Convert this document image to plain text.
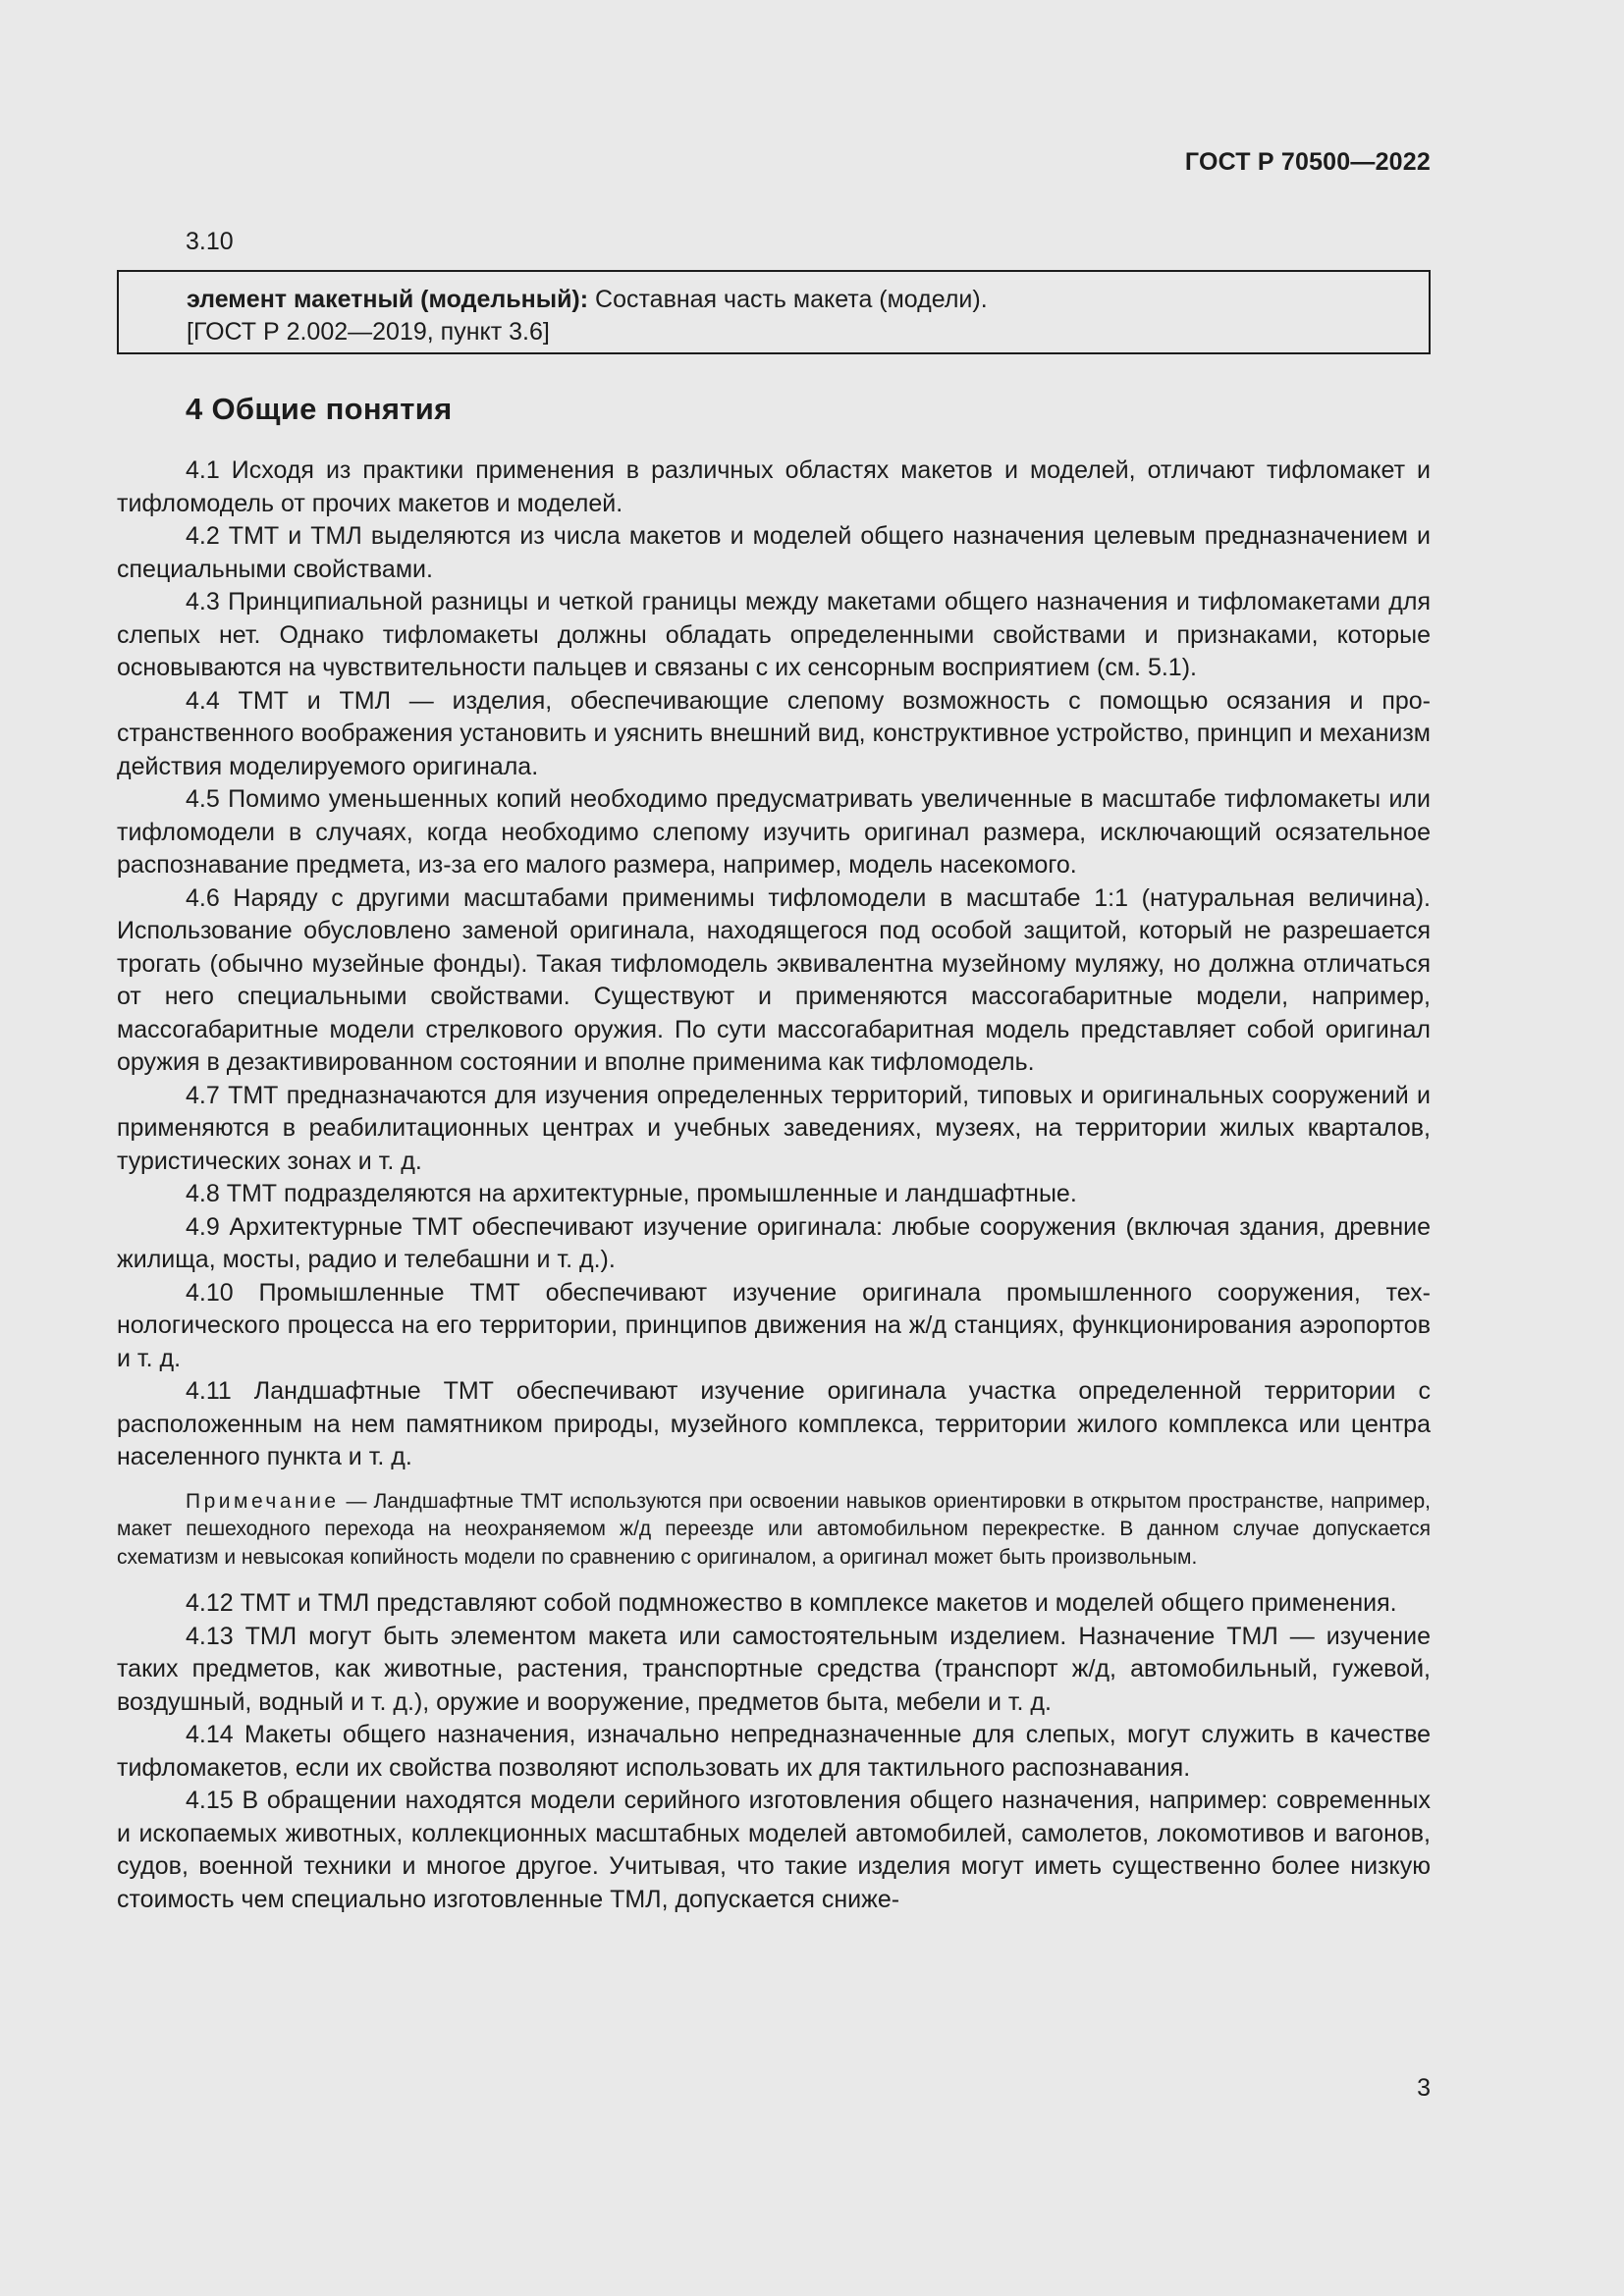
ГОСТ Р 70500—2022
3.10
элемент макетный (модельный): Составная часть макета (модели).
[ГОСТ Р 2.002—2019, пункт 3.6]
4 Общие понятия

4.1 Исходя из практики применения в различных областях макетов и моделей, отличают тифломакет и тифломодель от прочих макетов и моделей.

4.2 ТМТ и ТМЛ выделяются из числа макетов и моделей общего назначения целевым предназначением и специальными свойствами.

4.3 Принципиальной разницы и четкой границы между макетами общего назначения и тифломакетами для слепых нет. Однако тифломакеты должны обладать определенными свойствами и признаками, которые основываются на чувствительности пальцев и связаны с их сенсорным восприятием (см. 5.1).

4.4 ТМТ и ТМЛ — изделия, обеспечивающие слепому возможность с помощью осязания и пространственного воображения установить и уяснить внешний вид, конструктивное устройство, принцип и механизм действия моделируемого оригинала.

4.5 Помимо уменьшенных копий необходимо предусматривать увеличенные в масштабе тифломакеты или тифломодели в случаях, когда необходимо слепому изучить оригинал размера, исключающий осязательное распознавание предмета, из-за его малого размера, например, модель насекомого.

4.6 Наряду с другими масштабами применимы тифломодели в масштабе 1:1 (натуральная величина). Использование обусловлено заменой оригинала, находящегося под особой защитой, который не разрешается трогать (обычно музейные фонды). Такая тифломодель эквивалентна музейному муляжу, но должна отличаться от него специальными свойствами. Существуют и применяются массогабаритные модели, например, массогабаритные модели стрелкового оружия. По сути массогабаритная модель представляет собой оригинал оружия в дезактивированном состоянии и вполне применима как тифломодель.

4.7 ТМТ предназначаются для изучения определенных территорий, типовых и оригинальных сооружений и применяются в реабилитационных центрах и учебных заведениях, музеях, на территории жилых кварталов, туристических зонах и т. д.

4.8 ТМТ подразделяются на архитектурные, промышленные и ландшафтные.

4.9 Архитектурные ТМТ обеспечивают изучение оригинала: любые сооружения (включая здания, древние жилища, мосты, радио и телебашни и т. д.).

4.10 Промышленные ТМТ обеспечивают изучение оригинала промышленного сооружения, технологического процесса на его территории, принципов движения на ж/д станциях, функционирования аэропортов и т. д.

4.11 Ландшафтные ТМТ обеспечивают изучение оригинала участка определенной территории с расположенным на нем памятником природы, музейного комплекса, территории жилого комплекса или центра населенного пункта и т. д.

Примечание — Ландшафтные ТМТ используются при освоении навыков ориентировки в открытом пространстве, например, макет пешеходного перехода на неохраняемом ж/д переезде или автомобильном перекрестке. В данном случае допускается схематизм и невысокая копийность модели по сравнению с оригиналом, а оригинал может быть произвольным.

4.12 ТМТ и ТМЛ представляют собой подмножество в комплексе макетов и моделей общего применения.

4.13 ТМЛ могут быть элементом макета или самостоятельным изделием. Назначение ТМЛ — изучение таких предметов, как животные, растения, транспортные средства (транспорт ж/д, автомобильный, гужевой, воздушный, водный и т. д.), оружие и вооружение, предметов быта, мебели и т. д.

4.14 Макеты общего назначения, изначально непредназначенные для слепых, могут служить в качестве тифломакетов, если их свойства позволяют использовать их для тактильного распознавания.

4.15 В обращении находятся модели серийного изготовления общего назначения, например: современных и ископаемых животных, коллекционных масштабных моделей автомобилей, самолетов, локомотивов и вагонов, судов, военной техники и многое другое. Учитывая, что такие изделия могут иметь существенно более низкую стоимость чем специально изготовленные ТМЛ, допускается сниже-

3
